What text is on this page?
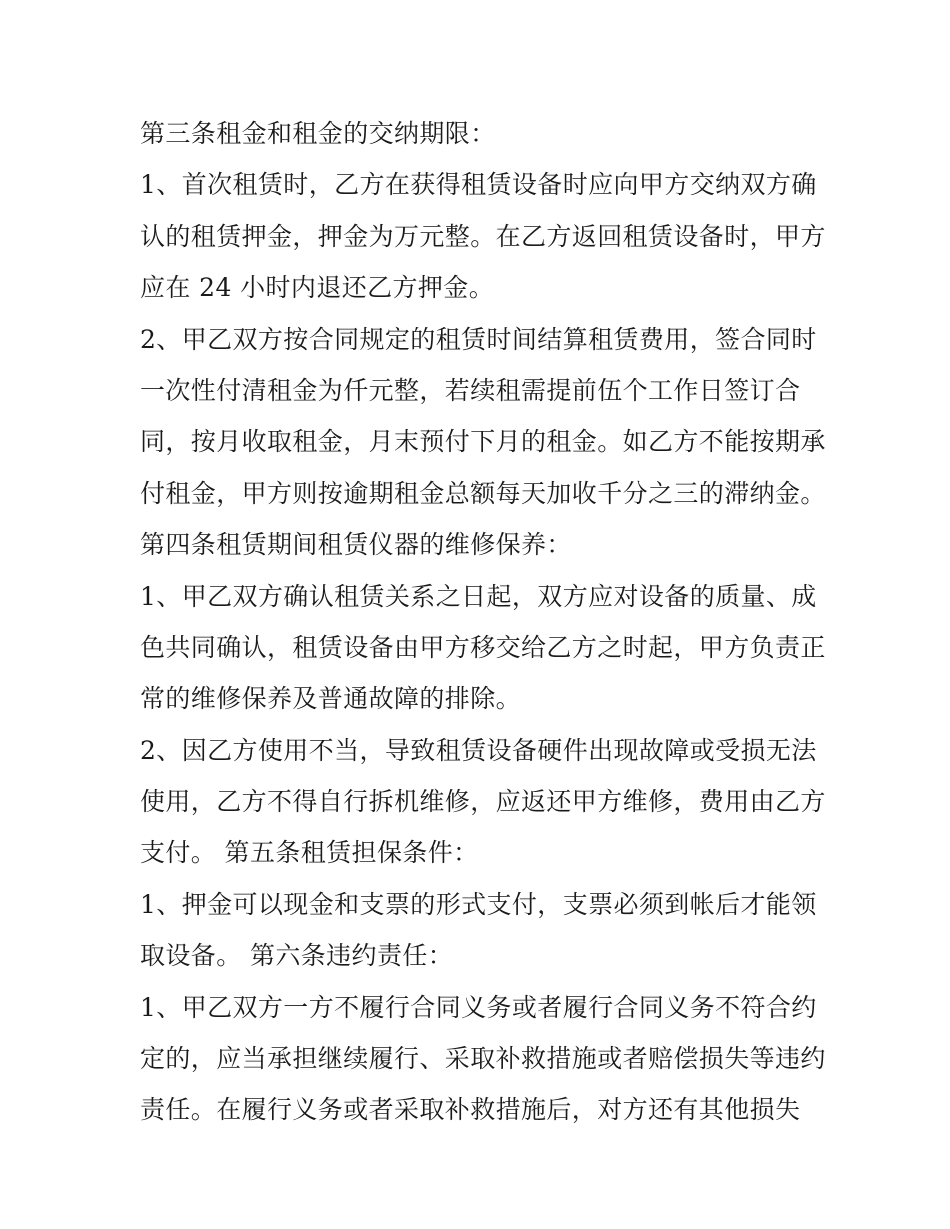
第三条租金和租金的交纳期限：
1、首次租赁时，乙方在获得租赁设备时应向甲方交纳双方确
认的租赁押金，押金为万元整。在乙方返回租赁设备时，甲方
应在 24 小时内退还乙方押金。
2、甲乙双方按合同规定的租赁时间结算租赁费用，签合同时
一次性付清租金为仟元整，若续租需提前伍个工作日签订合
同，按月收取租金，月末预付下月的租金。如乙方不能按期承
付租金，甲方则按逾期租金总额每天加收千分之三的滞纳金。
第四条租赁期间租赁仪器的维修保养：
1、甲乙双方确认租赁关系之日起，双方应对设备的质量、成
色共同确认，租赁设备由甲方移交给乙方之时起，甲方负责正
常的维修保养及普通故障的排除。
2、因乙方使用不当，导致租赁设备硬件出现故障或受损无法
使用，乙方不得自行拆机维修，应返还甲方维修，费用由乙方
支付。 第五条租赁担保条件：
1、押金可以现金和支票的形式支付，支票必须到帐后才能领
取设备。 第六条违约责任：
1、甲乙双方一方不履行合同义务或者履行合同义务不符合约
定的，应当承担继续履行、采取补救措施或者赔偿损失等违约
责任。在履行义务或者采取补救措施后，对方还有其他损失
